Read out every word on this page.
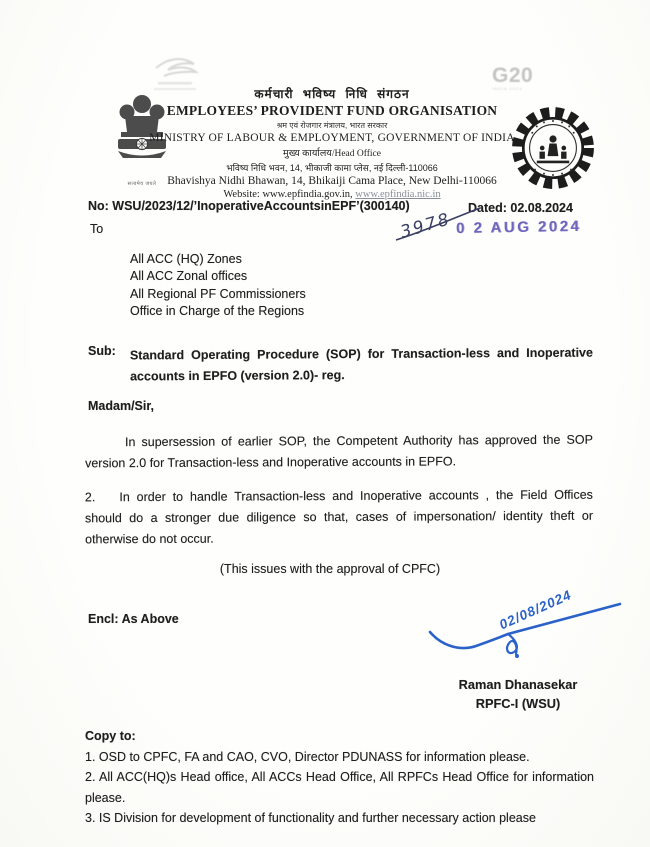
सत्यमेव जयते
कर्मचारी भविष्य निधि संगठन
EMPLOYEES’ PROVIDENT FUND ORGANISATION
श्रम एवं रोजगार मंत्रालय, भारत सरकार
MINISTRY OF LABOUR & EMPLOYMENT, GOVERNMENT OF INDIA
मुख्य कार्यालय/Head Office
भविष्य निधि भवन, 14, भीकाजी कामा प्लेस, नई दिल्ली-110066
Bhavishya Nidhi Bhawan, 14, Bhikaiji Cama Place, New Delhi-110066
Website: www.epfindia.gov.in, www.epfindia.nic.in
G20
INDIA 2023
No: WSU/2023/12/’InoperativeAccountsinEPF’(300140)	Dated: 02.08.2024
3978 0 2 AUG 2024
To
All ACC (HQ) Zones
All ACC Zonal offices
All Regional PF Commissioners
Office in Charge of the Regions
Sub: Standard Operating Procedure (SOP) for Transaction-less and Inoperative accounts in EPFO (version 2.0)- reg.
Madam/Sir,
In supersession of earlier SOP, the Competent Authority has approved the SOP version 2.0 for Transaction-less and Inoperative accounts in EPFO.
2. In order to handle Transaction-less and Inoperative accounts , the Field Offices should do a stronger due diligence so that, cases of impersonation/ identity theft or otherwise do not occur.
(This issues with the approval of CPFC)
Encl: As Above	02/08/2024
Raman Dhanasekar
RPFC-I (WSU)
Copy to:
1. OSD to CPFC, FA and CAO, CVO, Director PDUNASS for information please.
2. All ACC(HQ)s Head office, All ACCs Head Office, All RPFCs Head Office for information please.
3. IS Division for development of functionality and further necessary action please
